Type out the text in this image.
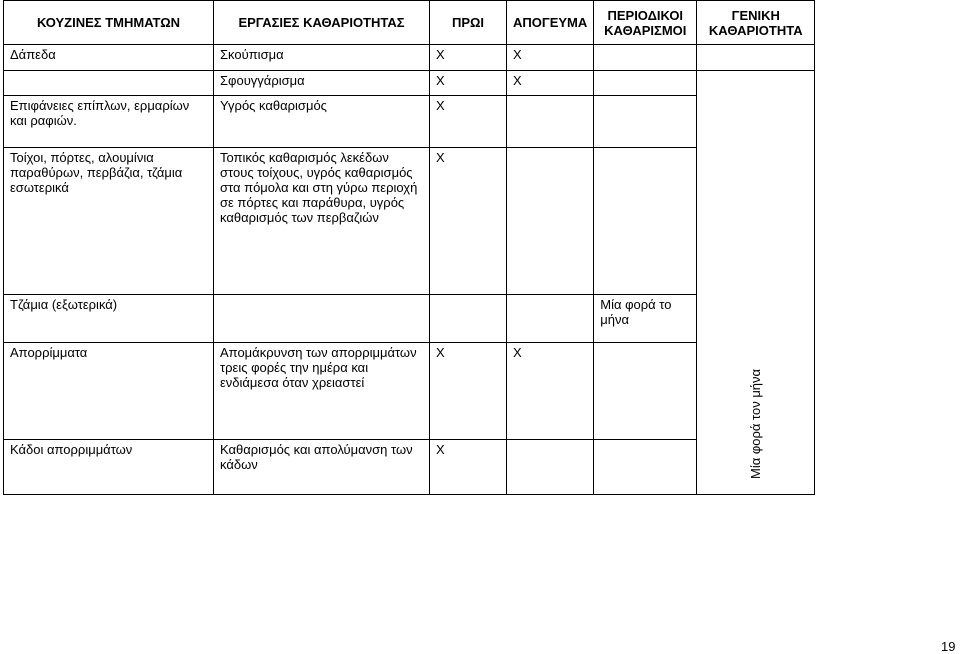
ΚΟΥΖΙΝΕΣ ΤΜΗΜΑΤΩΝ	ΕΡΓΑΣΙΕΣ ΚΑΘΑΡΙΟΤΗΤΑΣ	ΠΡΩΙ	ΑΠΟΓΕΥΜΑ	ΠΕΡΙΟΔΙΚΟΙ ΚΑΘΑΡΙΣΜΟΙ	ΓΕΝΙΚΗ ΚΑΘΑΡΙΟΤΗΤΑ
Δάπεδα	Σκούπισμα	X	X		
	Σφουγγάρισμα	X	X		Μία φορά τον μήνα

Επιφάνειες επίπλων, ερμαρίων και ραφιών.	Υγρός καθαρισμός	X			
Τοίχοι, πόρτες, αλουμίνια παραθύρων, περβάζια, τζάμια εσωτερικά	Τοπικός καθαρισμός λεκέδων στους τοίχους, υγρός καθαρισμός στα πόμολα και στη γύρω περιοχή σε πόρτες και παράθυρα, υγρός καθαρισμός των περβαζιών	X			
Τζάμια (εξωτερικά)				Μία φορά το μήνα	
Απορρίμματα	Απομάκρυνση των απορριμμάτων τρεις φορές την ημέρα και ενδιάμεσα όταν χρειαστεί	X	X		
Κάδοι απορριμμάτων	Καθαρισμός και απολύμανση των κάδων	X			
19
